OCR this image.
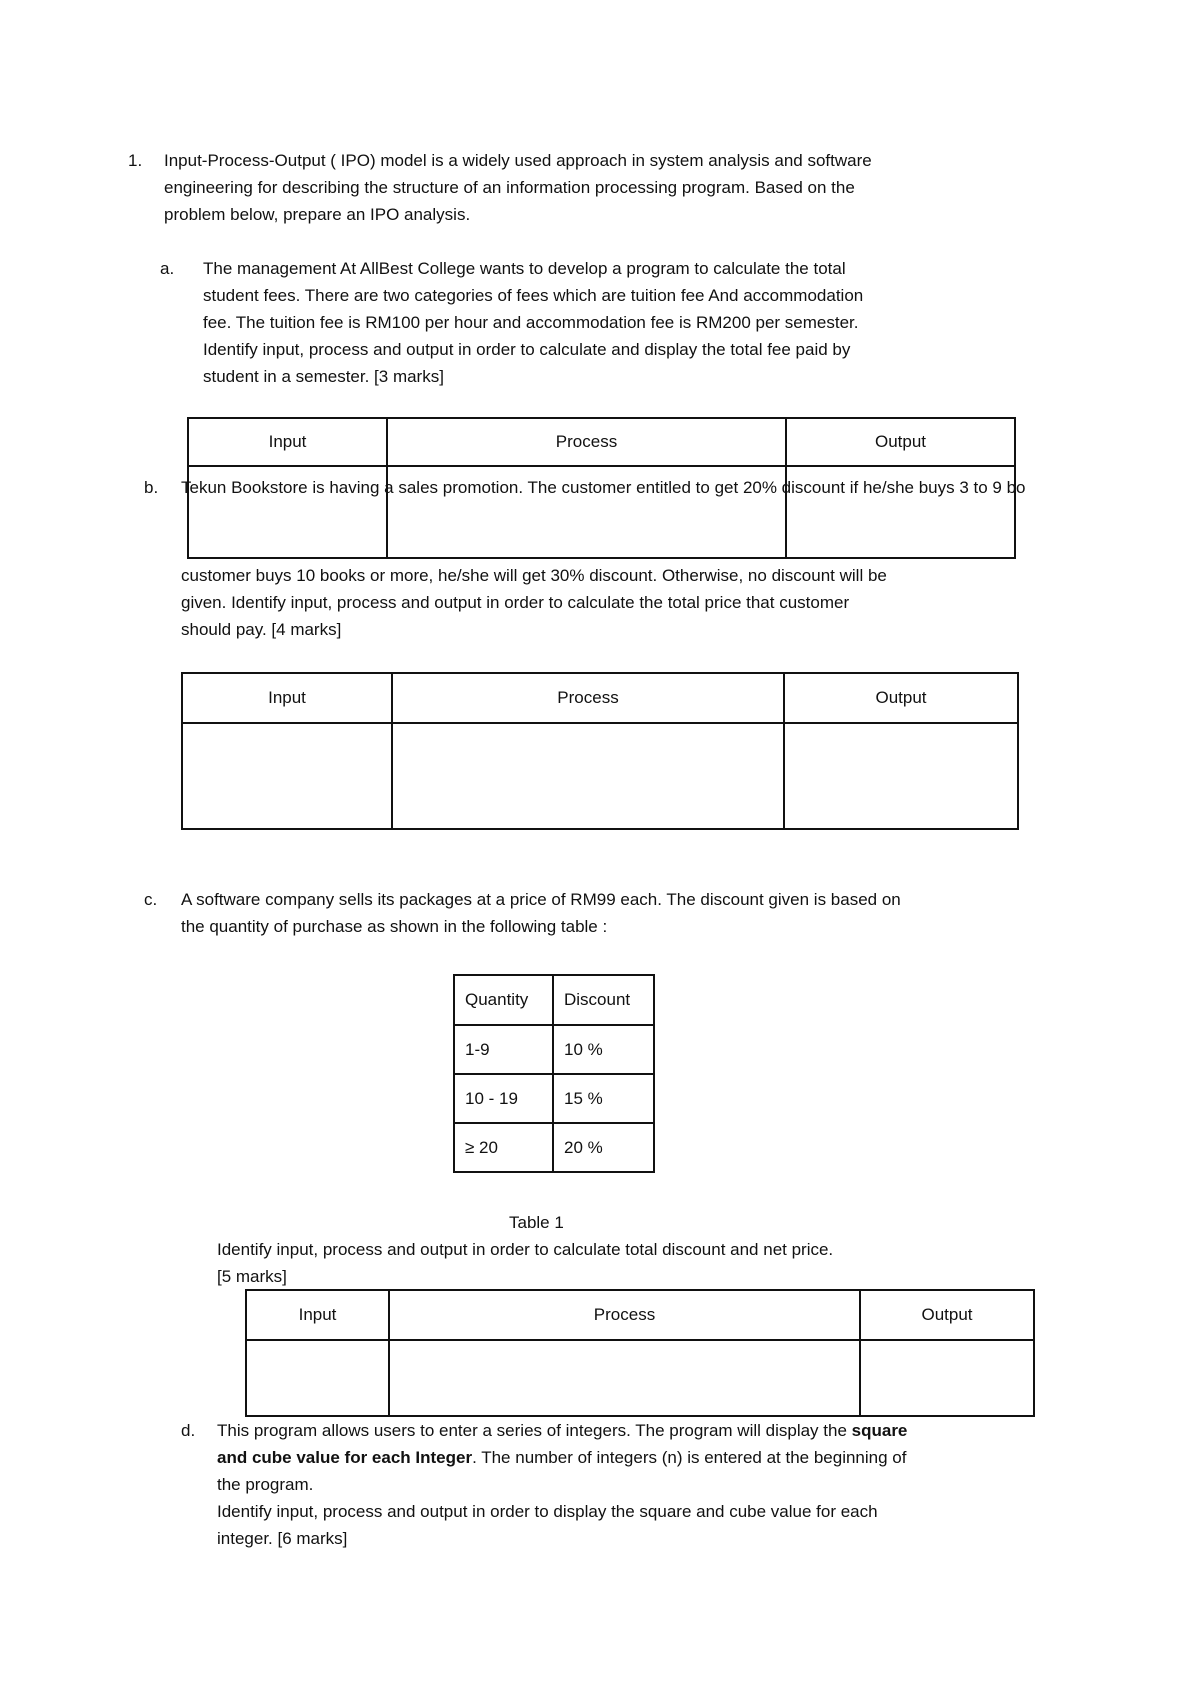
1. Input-Process-Output ( IPO) model is a widely used approach in system analysis and software
engineering for describing the structure of an information processing program. Based on the
problem below, prepare an IPO analysis.
a. The management At AllBest College wants to develop a program to calculate the total
student fees. There are two categories of fees which are tuition fee And accommodation
fee. The tuition fee is RM100 per hour and accommodation fee is RM200 per semester.
Identify input, process and output in order to calculate and display the total fee paid by
student in a semester. [3 marks]
Input	Process	Output

b. Tekun Bookstore is having a sales promotion. The customer entitled to get 20% discount if he/she buys 3 to 9 bo
customer buys 10 books or more, he/she will get 30% discount. Otherwise, no discount will be
given. Identify input, process and output in order to calculate the total price that customer
should pay. [4 marks]
Input	Process	Output

c. A software company sells its packages at a price of RM99 each. The discount given is based on
the quantity of purchase as shown in the following table :
Quantity	Discount
1-9	10 %
10 - 19	15 %
≥ 20	20 %
Table 1
Identify input, process and output in order to calculate total discount and net price.
[5 marks]
Input	Process	Output

d. This program allows users to enter a series of integers. The program will display the square
and cube value for each Integer. The number of integers (n) is entered at the beginning of
the program.
Identify input, process and output in order to display the square and cube value for each
integer. [6 marks]
